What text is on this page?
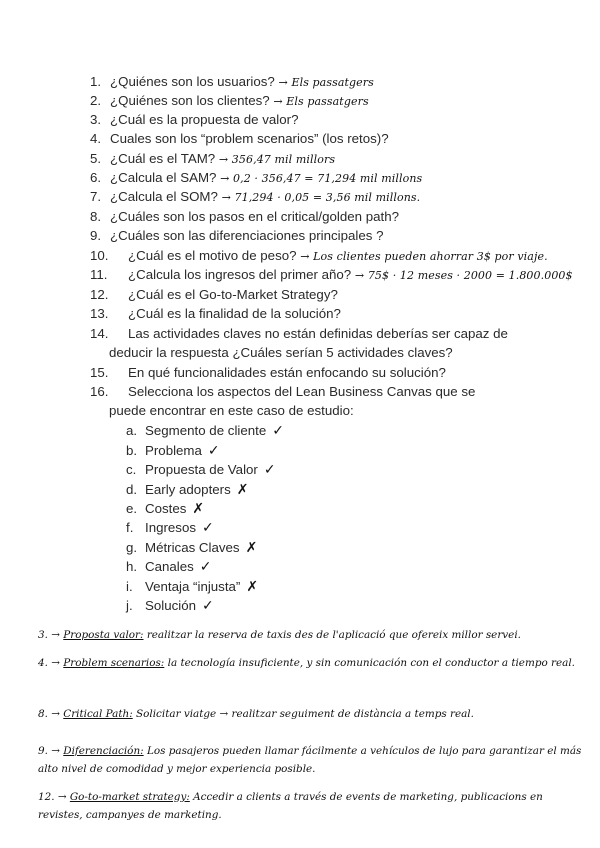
1. ¿Quiénes son los usuarios? → Els passatgers
2. ¿Quiénes son los clientes? → Els passatgers
3. ¿Cuál es la propuesta de valor?
4. Cuales son los “problem scenarios” (los retos)?
5. ¿Cuál es el TAM? → 356,47 mil millors
6. ¿Calcula el SAM? → 0,2 · 356,47 = 71,294 mil millons
7. ¿Calcula el SOM? → 71,294 · 0,05 = 3,56 mil millons.
8. ¿Cuáles son los pasos en el critical/golden path?
9. ¿Cuáles son las diferenciaciones principales ?
10. ¿Cuál es el motivo de peso? → Los clientes pueden ahorrar 3$ por viaje.
11. ¿Calcula los ingresos del primer año? → 75$ · 12 meses · 2000 = 1.800.000$
12. ¿Cuál es el Go-to-Market Strategy?
13. ¿Cuál es la finalidad de la solución?
14. Las actividades claves no están definidas deberías ser capaz de
deducir la respuesta ¿Cuáles serían 5 actividades claves?
15. En qué funcionalidades están enfocando su solución?
16. Selecciona los aspectos del Lean Business Canvas que se
puede encontrar en este caso de estudio:
a. Segmento de cliente ✓
b. Problema ✓
c. Propuesta de Valor ✓
d. Early adopters ✗
e. Costes ✗
f. Ingresos ✓
g. Métricas Claves ✗
h. Canales ✓
i. Ventaja “injusta” ✗
j. Solución ✓
3. → Proposta valor: realitzar la reserva de taxis des de l'aplicació que ofereix millor servei.
4. → Problem scenarios: la tecnología insuficiente, y sin comunicación con el conductor a tiempo real.
8. → Critical Path: Solicitar viatge → realitzar seguiment de distància a temps real.
9. → Diferenciación: Los pasajeros pueden llamar fácilmente a vehículos de lujo para garantizar el más alto nivel de comodidad y mejor experiencia posible.
12. → Go-to-market strategy: Accedir a clients a través de events de marketing, publicacions en revistes, campanyes de marketing.
